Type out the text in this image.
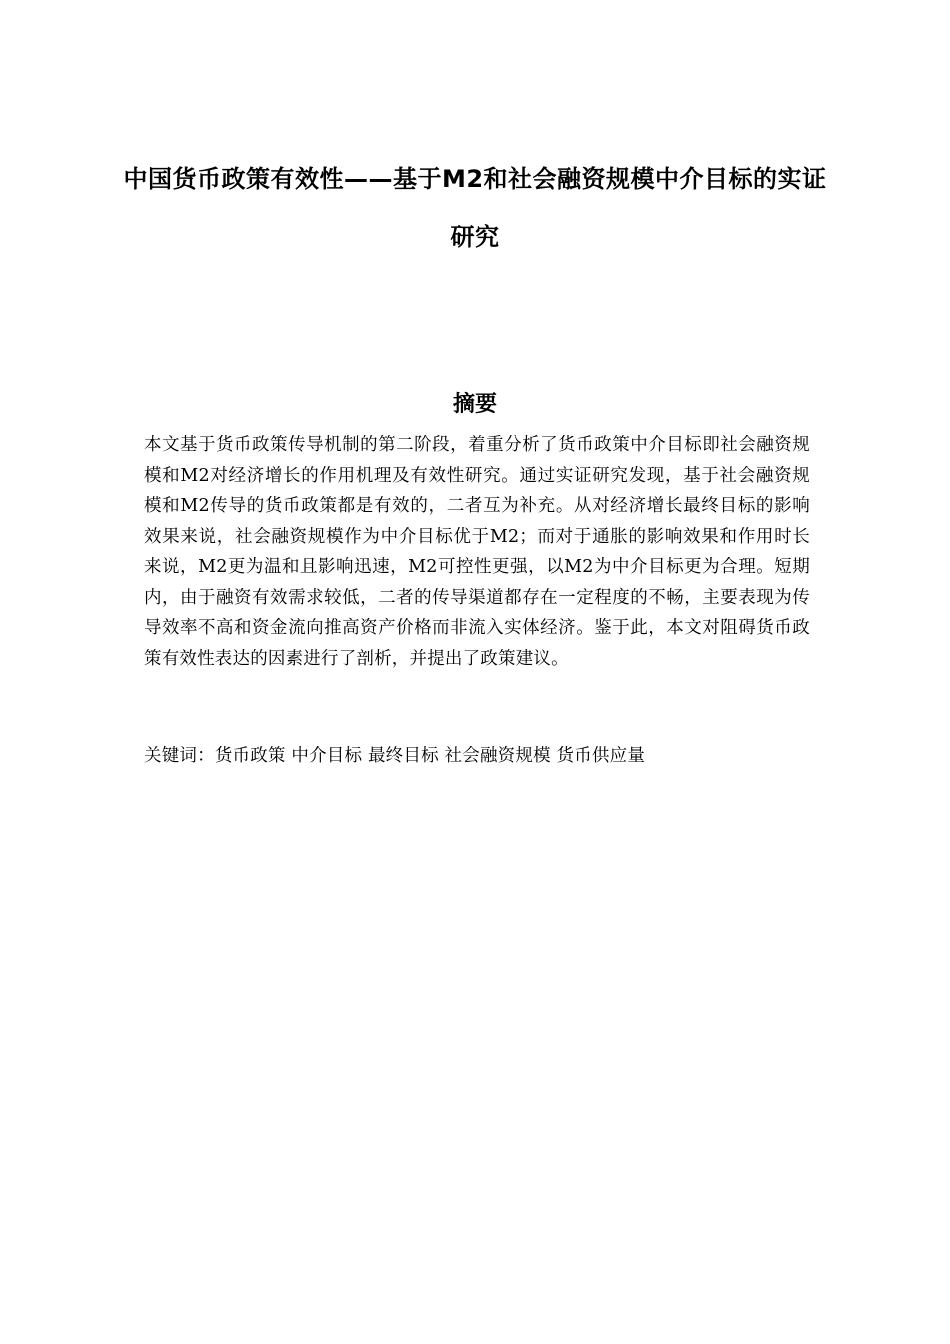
中国货币政策有效性——基于M2和社会融资规模中介目标的实证研究
摘要
本文基于货币政策传导机制的第二阶段，着重分析了货币政策中介目标即社会融资规模和M2对经济增长的作用机理及有效性研究。通过实证研究发现，基于社会融资规模和M2传导的货币政策都是有效的，二者互为补充。从对经济增长最终目标的影响效果来说，社会融资规模作为中介目标优于M2；而对于通胀的影响效果和作用时长来说，M2更为温和且影响迅速，M2可控性更强，以M2为中介目标更为合理。短期内，由于融资有效需求较低，二者的传导渠道都存在一定程度的不畅，主要表现为传导效率不高和资金流向推高资产价格而非流入实体经济。鉴于此，本文对阻碍货币政策有效性表达的因素进行了剖析，并提出了政策建议。
关键词：货币政策 中介目标 最终目标 社会融资规模 货币供应量
